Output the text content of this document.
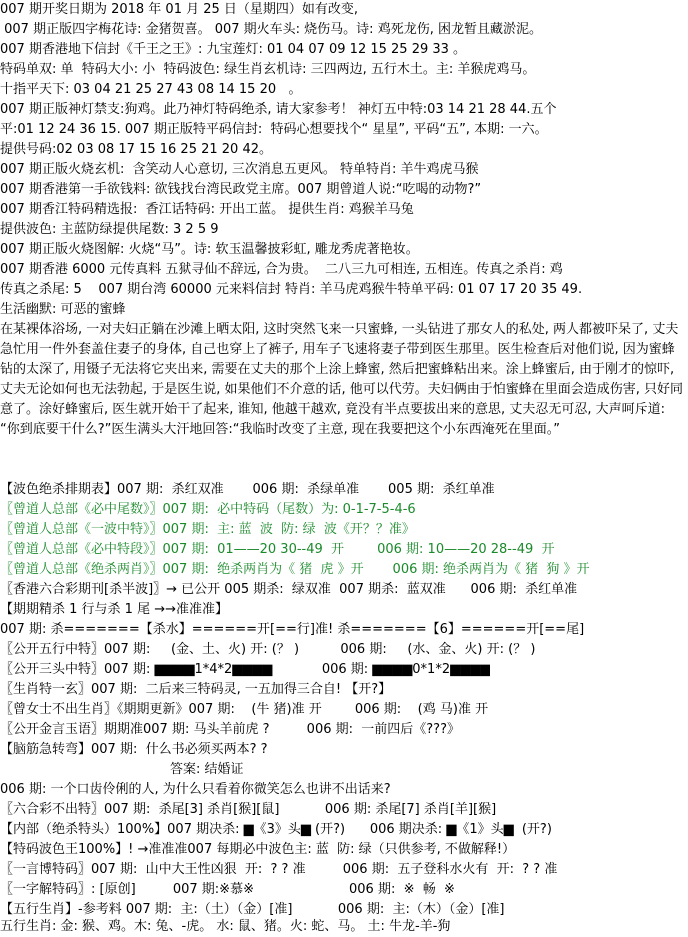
007 期开奖日期为 2018 年 01 月 25 日（星期四）如有改变,
007 期正版四字梅花诗: 金猪贺喜。 007 期火车头: 烧伤马。诗: 鸡死龙伤, 困龙暂且藏淤泥。
007 期香港地下信封《千王之王》: 九宝莲灯: 01 04 07 09 12 15 25 29 33 。
特码单双: 单  特码大小: 小  特码波色: 绿生肖玄机诗: 三四两边, 五行木土。主: 羊猴虎鸡马。
十指平天下: 03 04 21 25 27 43 08 14 15 20   。
007 期正版神灯禁支:狗鸡。此乃神灯特码绝杀, 请大家参考！ 神灯五中特:03 14 21 28 44.五个
平:01 12 24 36 15. 007 期正版特平码信封:  特码心想要找个“ 星星”, 平码“五”, 本期: 一六。
提供号码:02 03 08 17 15 16 25 21 20 42。
007 期正版火烧玄机:  含笑动人心意切, 三次消息五更风。 特单特肖: 羊牛鸡虎马猴
007 期香港第一手欲钱料: 欲钱找台湾民政党主席。007 期曾道人说:“吃喝的动物?”
007 期香江特码精选报:  香江话特码: 开出工蓝。 提供生肖: 鸡猴羊马兔
提供波色: 主蓝防绿提供尾数: 3 2 5 9
007 期正版火烧图解: 火烧“马”。诗: 软玉温馨披彩虹, 雕龙秀虎著艳妆。
007 期香港 6000 元传真料 五狱寻仙不辞远, 合为贵。  二八三九可相连, 五相连。传真之杀肖: 鸡
传真之杀尾: 5    007 期台湾 60000 元来料信封 特肖: 羊马虎鸡猴牛特单平码: 01 07 17 20 35 49.
生活幽默: 可恶的蜜蜂
在某裸体浴场, 一对夫妇正躺在沙滩上晒太阳, 这时突然飞来一只蜜蜂, 一头钻进了那女人的私处, 两人都被吓呆了, 丈夫急忙用一件外套盖住妻子的身体, 自己也穿上了裤子, 用车子飞速将妻子带到医生那里。医生检查后对他们说, 因为蜜蜂钻的太深了, 用镊子无法将它夹出来, 需要在丈夫的那个上涂上蜂蜜, 然后把蜜蜂粘出来。涂上蜂蜜后, 由于刚才的惊吓, 丈夫无论如何也无法勃起, 于是医生说, 如果他们不介意的话, 他可以代劳。夫妇俩由于怕蜜蜂在里面会造成伤害, 只好同意了。涂好蜂蜜后, 医生就开始干了起来, 谁知, 他越干越欢, 竟没有半点要拔出来的意思, 丈夫忍无可忍, 大声呵斥道: “你到底要干什么?”医生满头大汗地回答:“我临时改变了主意, 现在我要把这个小东西淹死在里面。”
【波色绝杀排期表】007 期:  杀红双准       006 期:  杀绿单准       005 期:  杀红单准
〖曾道人总部《必中尾数》〗007 期:  必中特码（尾数）为: 0-1-7-5-4-6
〖曾道人总部《一波中特》〗007 期:  主: 蓝  波  防: 绿  波《开？？准》
〖曾道人总部《必中特段》〗007 期:  01——20 30--49  开        006 期: 10——20 28--49  开
〖曾道人总部《绝杀两肖》〗007 期:  绝杀两肖为《 猪  虎 》开       006 期: 绝杀两肖为《 猪  狗 》开
〖香港六合彩期刊[杀半波]〗→ 已公开 005 期杀:  绿双准  007 期杀:  蓝双准      006 期:  杀红单准
【期期精杀 1 行与杀 1 尾 →→准准准】
007 期: 杀=======【杀水】======开[==行]准! 杀=======【6】======开[==尾]
〖公开五行中特〗007 期:     (金、土、火) 开: (？ )          006 期:     (水、金、火) 开: (？ )
〖公开三头中特〗007 期: ▆▆▆▆1*4*2▆▆▆▆            006 期: ▆▆▆▆0*1*2▆▆▆▆
〖生肖特一玄〗007 期:  二后来三特码灵, 一五加得三合自! 【开?】
〖曾女士不出生肖〗《期期更新》007 期:    (牛 猪)准 开        006 期:    (鸡 马)准 开
〖公开金言玉语〗期期准007 期: 马头羊前虎 ?         006 期:  一前四后《???》
【脑筋急转弯】007 期:  什么书必须买两本? ?
答案: 结婚证
006 期: 一个口齿伶俐的人, 为什么只看着你微笑怎么也讲不出话来?
〖六合彩不出特〗007 期:  杀尾[3] 杀肖[猴][鼠]           006 期: 杀尾[7] 杀肖[羊][猴]
【内部（绝杀特头）100%】007 期决杀: ▆《3》头▆ (开?)      006 期决杀: ▆《1》头▆  (开?)
【特码波色王100%】! →准准准007 每期必中波色主: 蓝  防: 绿（只供参考, 不做解释!）
〖一言博特码〗007 期:  山中大王性凶狠  开:  ? ? 准         006 期:  五子登科水火有  开:  ? ? 准
〖一字解特码〗: [原创]         007 期:※慕※                       006 期:  ※  畅  ※
【五行生肖】-参考料 007 期:  主:（土）（金）[准]           006 期:  主:（木）（金）[准]
五行生肖: 金: 猴、鸡。木: 兔、-虎。 水: 鼠、猪。火: 蛇、马。 土: 牛龙-羊-狗
